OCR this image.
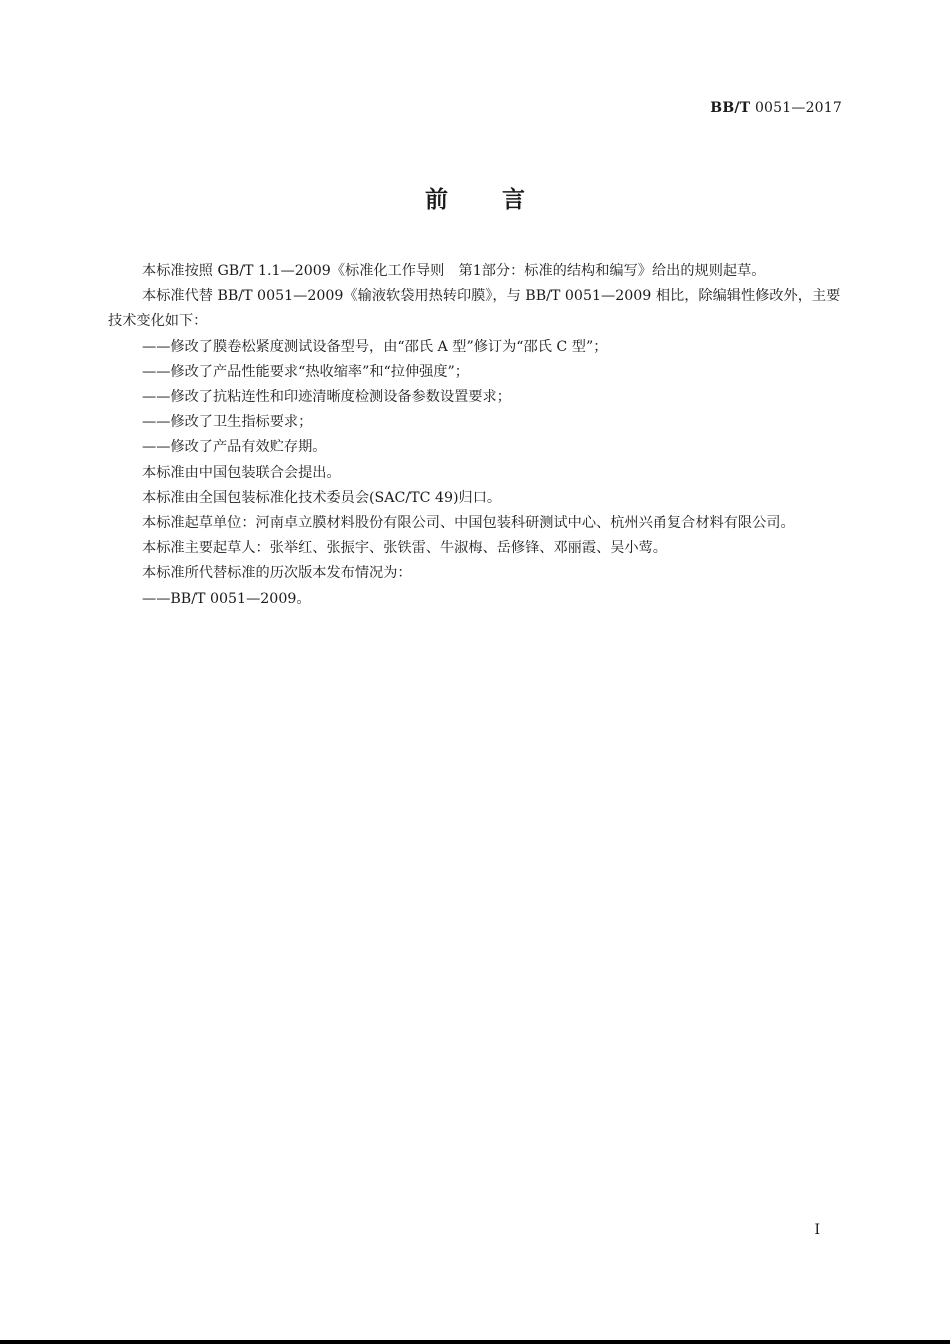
BB/T 0051—2017
前言

本标准按照 GB/T 1.1—2009《标准化工作导则　第1部分：标准的结构和编写》给出的规则起草。

本标准代替 BB/T 0051—2009《输液软袋用热转印膜》，与 BB/T 0051—2009 相比，除编辑性修改外，主要技术变化如下：

——修改了膜卷松紧度测试设备型号，由“邵氏 A 型”修订为“邵氏 C 型”；

——修改了产品性能要求“热收缩率”和“拉伸强度”；

——修改了抗粘连性和印迹清晰度检测设备参数设置要求；

——修改了卫生指标要求；

——修改了产品有效贮存期。

本标准由中国包装联合会提出。

本标准由全国包装标准化技术委员会(SAC/TC 49)归口。

本标准起草单位：河南卓立膜材料股份有限公司、中国包装科研测试中心、杭州兴甬复合材料有限公司。

本标准主要起草人：张举红、张振宇、张铁雷、牛淑梅、岳修锋、邓丽霞、吴小莺。

本标准所代替标准的历次版本发布情况为：

——BB/T 0051—2009。

I
